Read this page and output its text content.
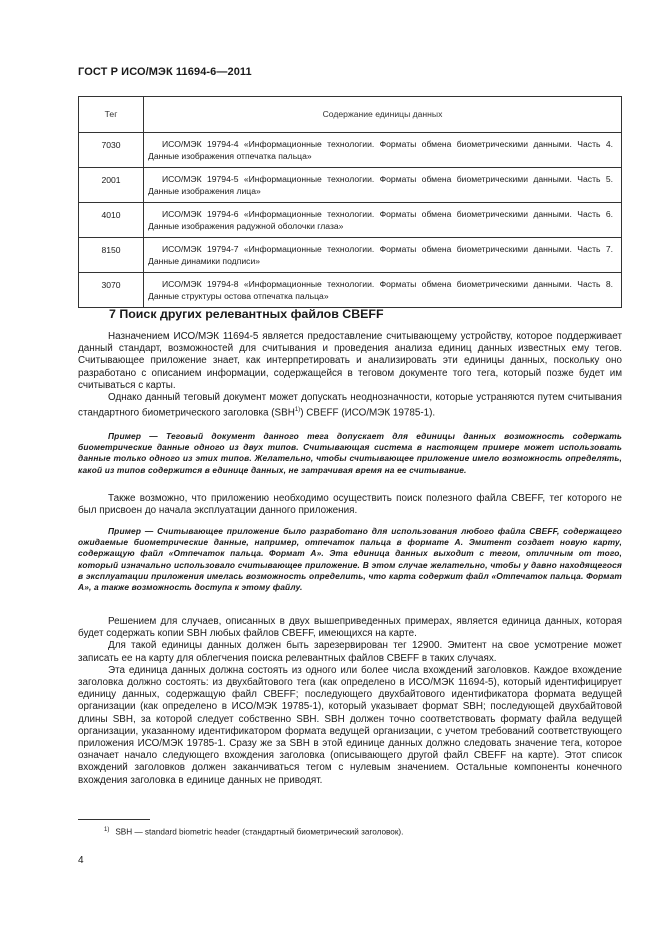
ГОСТ Р ИСО/МЭК 11694-6—2011
Тег	Содержание единицы данных
7030	ИСО/МЭК 19794-4 «Информационные технологии. Форматы обмена биометрическими данными. Часть 4. Данные изображения отпечатка пальца»
2001	ИСО/МЭК 19794-5 «Информационные технологии. Форматы обмена биометрическими данными. Часть 5. Данные изображения лица»
4010	ИСО/МЭК 19794-6 «Информационные технологии. Форматы обмена биометрическими данными. Часть 6. Данные изображения радужной оболочки глаза»
8150	ИСО/МЭК 19794-7 «Информационные технологии. Форматы обмена биометрическими данными. Часть 7. Данные динамики подписи»
3070	ИСО/МЭК 19794-8 «Информационные технологии. Форматы обмена биометрическими данными. Часть 8. Данные структуры остова отпечатка пальца»
7 Поиск других релевантных файлов CBEFF

Назначением ИСО/МЭК 11694-5 является предоставление считывающему устройству, которое поддерживает данный стандарт, возможностей для считывания и проведения анализа единиц данных известных ему тегов. Считывающее приложение знает, как интерпретировать и анализировать эти единицы данных, поскольку оно разработано с описанием информации, содержащейся в теговом документе того тега, который позже будет им считываться с карты.

Однако данный теговый документ может допускать неоднозначности, которые устраняются путем считывания стандартного биометрического заголовка (SBH$^{1)}$) CBEFF (ИСО/МЭК 19785-1).

Пример — Теговый документ данного тега допускает для единицы данных возможность содержать биометрические данные одного из двух типов. Считывающая система в настоящем примере может использовать данные только одного из этих типов. Желательно, чтобы считывающее приложение имело возможность определять, какой из типов содержится в единице данных, не затрачивая время на ее считывание.

Также возможно, что приложению необходимо осуществить поиск полезного файла CBEFF, тег которого не был присвоен до начала эксплуатации данного приложения.

Пример — Считывающее приложение было разработано для использования любого файла CBEFF, содержащего ожидаемые биометрические данные, например, отпечаток пальца в формате А. Эмитент создает новую карту, содержащую файл «Отпечаток пальца. Формат А». Эта единица данных выходит с тегом, отличным от того, который изначально использовало считывающее приложение. В этом случае желательно, чтобы у давно находящегося в эксплуатации приложения имелась возможность определить, что карта содержит файл «Отпечаток пальца. Формат А», а также возможность доступа к этому файлу.

Решением для случаев, описанных в двух вышеприведенных примерах, является единица данных, которая будет содержать копии SBH любых файлов CBEFF, имеющихся на карте.

Для такой единицы данных должен быть зарезервирован тег 12900. Эмитент на свое усмотрение может записать ее на карту для облегчения поиска релевантных файлов CBEFF в таких случаях.

Эта единица данных должна состоять из одного или более числа вхождений заголовков. Каждое вхождение заголовка должно состоять: из двухбайтового тега (как определено в ИСО/МЭК 11694-5), который идентифицирует единицу данных, содержащую файл CBEFF; последующего двухбайтового идентификатора формата ведущей организации (как определено в ИСО/МЭК 19785-1), который указывает формат SBH; последующей двухбайтовой длины SBH, за которой следует собственно SBH. SBH должен точно соответствовать формату файла ведущей организации, указанному идентификатором формата ведущей организации, с учетом требований соответствующего приложения ИСО/МЭК 19785-1. Сразу же за SBH в этой единице данных должно следовать значение тега, которое означает начало следующего вхождения заголовка (описывающего другой файл CBEFF на карте). Этот список вхождений заголовков должен заканчиваться тегом с нулевым значением. Остальные компоненты конечного вхождения заголовка в единице данных не приводят.

$^{1)}$ SBH — standard biometric header (стандартный биометрический заголовок).
4
